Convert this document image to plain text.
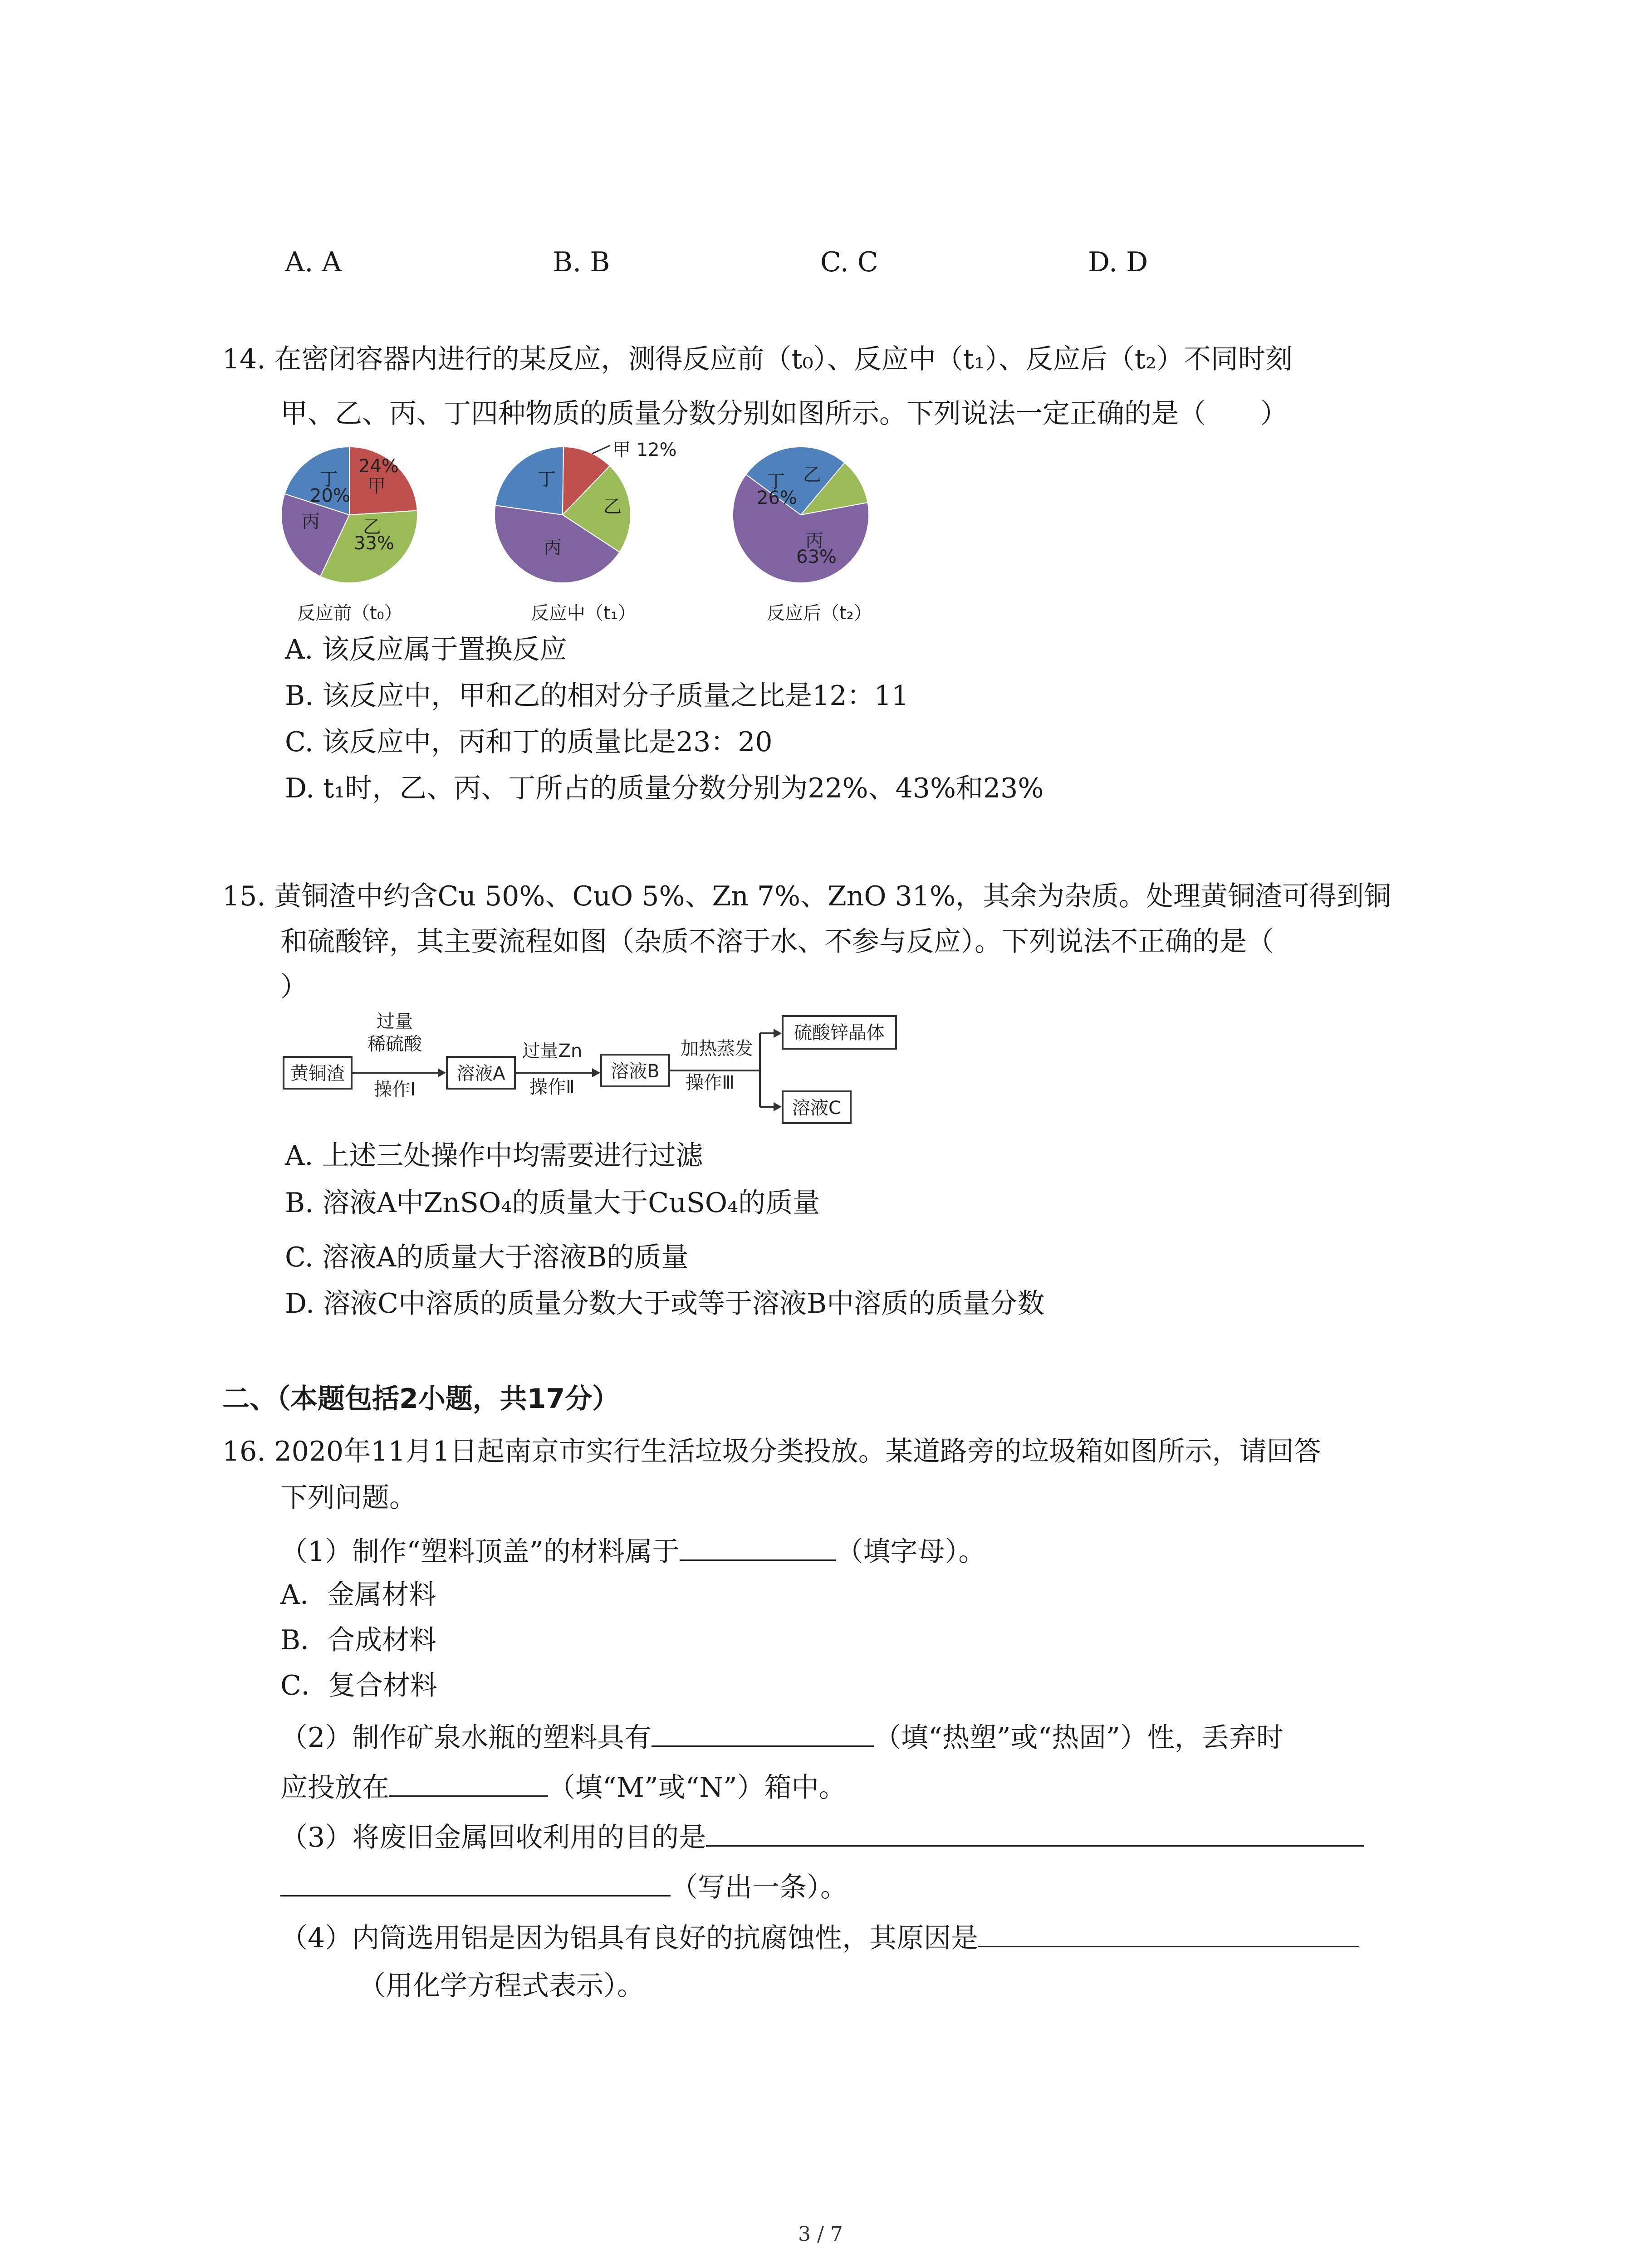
A. A	B. B	C. C	D. D
14. 在密闭容器内进行的某反应，测得反应前（t₀）、反应中（t₁）、反应后（t₂）不同时刻
甲、乙、丙、丁四种物质的质量分数分别如图所示。下列说法一定正确的是（　　）
丁
20%
24%
甲
丙 乙
33%
甲 12%
丁
乙
丙
丁
26%
乙
丙
63%
反应前（t₀）	反应中（t₁）	反应后（t₂）
A. 该反应属于置换反应
B. 该反应中，甲和乙的相对分子质量之比是12：11
C. 该反应中，丙和丁的质量比是23：20
D. t₁时，乙、丙、丁所占的质量分数分别为22%、43%和23%
15. 黄铜渣中约含Cu 50%、CuO 5%、Zn 7%、ZnO 31%，其余为杂质。处理黄铜渣可得到铜
和硫酸锌，其主要流程如图（杂质不溶于水、不参与反应）。下列说法不正确的是（
）
黄铜渣
过量
稀硫酸
操作Ⅰ
溶液A
过量Zn
操作Ⅱ
溶液B
加热蒸发
操作Ⅲ
硫酸锌晶体
溶液C
A. 上述三处操作中均需要进行过滤
B. 溶液A中ZnSO₄的质量大于CuSO₄的质量
C. 溶液A的质量大于溶液B的质量
D. 溶液C中溶质的质量分数大于或等于溶液B中溶质的质量分数
二、（本题包括2小题，共17分）
16. 2020年11月1日起南京市实行生活垃圾分类投放。某道路旁的垃圾箱如图所示，请回答
下列问题。
（1）制作“塑料顶盖”的材料属于	（填字母）。
A．金属材料
B．合成材料
C．复合材料
（2）制作矿泉水瓶的塑料具有	（填“热塑”或“热固”）性，丢弃时
应投放在	（填“M”或“N”）箱中。
（3）将废旧金属回收利用的目的是
（写出一条）。
（4）内筒选用铝是因为铝具有良好的抗腐蚀性，其原因是
（用化学方程式表示）。
3 / 7
